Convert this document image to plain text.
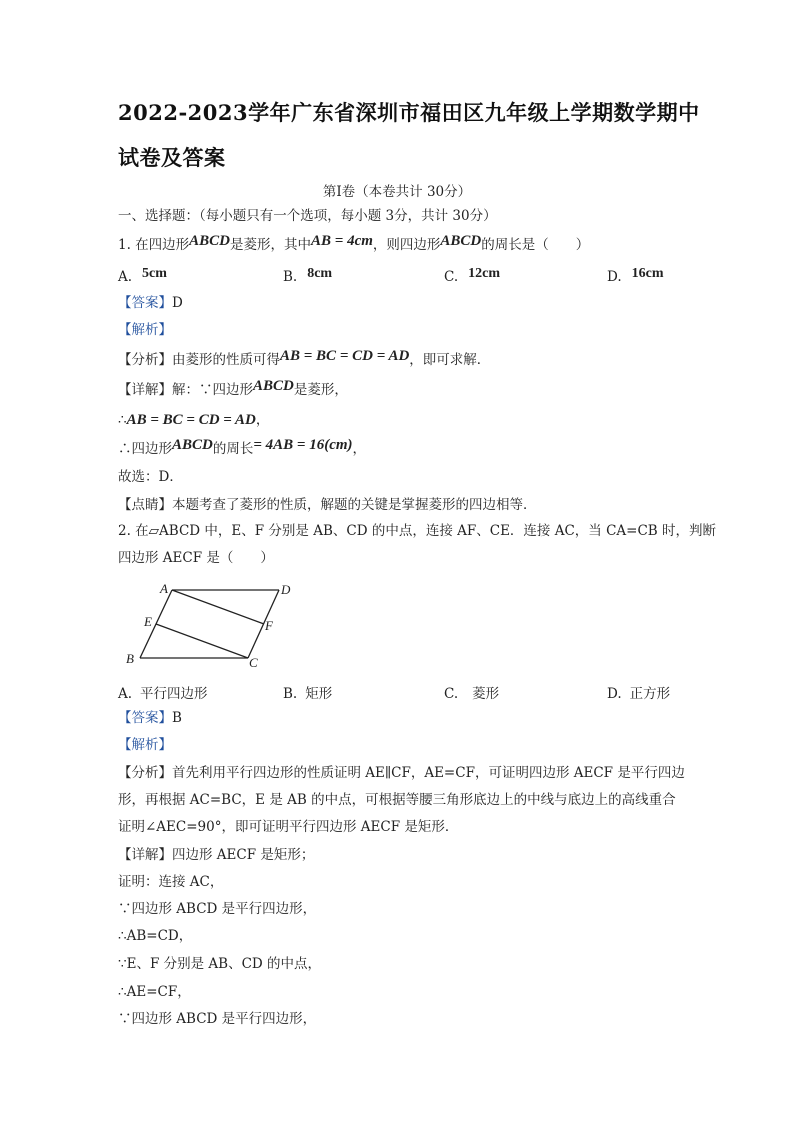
2022-2023学年广东省深圳市福田区九年级上学期数学期中
试卷及答案
第Ⅰ卷（本卷共计 30分）
一、选择题：（每小题只有一个选项，每小题 3分，共计 30分）
1. 在四边形ABCD是菱形，其中AB = 4cm，则四边形ABCD的周长是（　　）
A. 5cm	B. 8cm	C. 12cm	D. 16cm
【答案】D
【解析】
【分析】由菱形的性质可得AB = BC = CD = AD，即可求解．
【详解】解：∵四边形ABCD是菱形，
∴AB = BC = CD = AD，
∴四边形ABCD的周长= 4AB = 16(cm)，
故选：D．
【点睛】本题考查了菱形的性质，解题的关键是掌握菱形的四边相等．
2. 在▱ABCD 中，E、F 分别是 AB、CD 的中点，连接 AF、CE．连接 AC，当 CA=CB 时，判断
四边形 AECF 是（　　）
A	D
E	F
B	C
A. 平行四边形	B. 矩形	C. 菱形	D. 正方形
【答案】B
【解析】
【分析】首先利用平行四边形的性质证明 AE∥CF，AE=CF，可证明四边形 AECF 是平行四边
形，再根据 AC=BC，E 是 AB 的中点，可根据等腰三角形底边上的中线与底边上的高线重合
证明∠AEC=90°，即可证明平行四边形 AECF 是矩形．
【详解】四边形 AECF 是矩形；
证明：连接 AC，
∵四边形 ABCD 是平行四边形，
∴AB=CD，
∵E、F 分别是 AB、CD 的中点，
∴AE=CF，
∵四边形 ABCD 是平行四边形，
